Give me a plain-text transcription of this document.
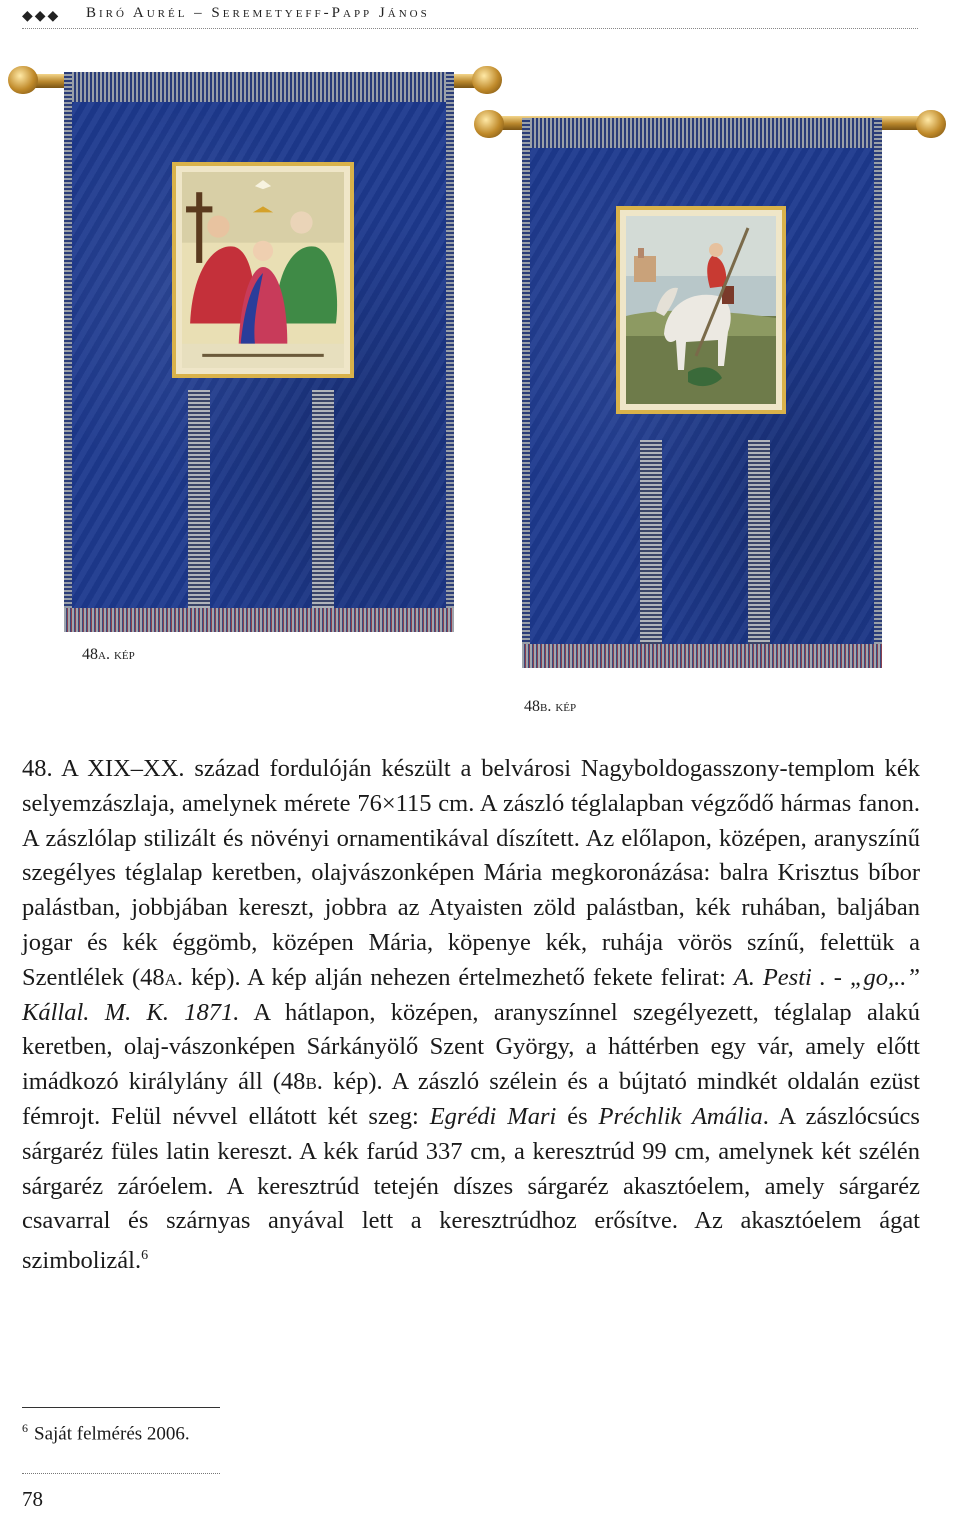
◆◆◆ Biró Aurél – Seremetyeff-Papp János
48a. kép
48b. kép

48. A XIX–XX. század fordulóján készült a belvárosi Nagyboldogasszony-templom kék selyemzászlaja, amelynek mérete 76×115 cm. A zászló téglalapban végződő hármas fanon. A zászlólap stilizált és növényi ornamentikával díszített. Az előlapon, középen, aranyszínű szegélyes téglalap keretben, olajvászonképen Mária megkoronázása: balra Krisztus bíbor palástban, jobbjában kereszt, jobbra az Atyaisten zöld palástban, kék ruhában, baljában jogar és kék éggömb, középen Mária, köpenye kék, ruhája vörös színű, felettük a Szentlélek (48a. kép). A kép alján nehezen értelmezhető fekete felirat: A. Pesti . - „go,..” Kállal. M. K. 1871. A hátlapon, középen, aranyszínnel szegélyezett, téglalap alakú keretben, olaj-vászonképen Sárkányölő Szent György, a háttérben egy vár, amely előtt imádkozó királylány áll (48b. kép). A zászló szélein és a bújtató mindkét oldalán ezüst fémrojt. Felül névvel ellátott két szeg: Egrédi Mari és Préchlik Amália. A zászlócsúcs sárgaréz füles latin kereszt. A kék farúd 337 cm, a keresztrúd 99 cm, amelynek két szélén sárgaréz záróelem. A keresztrúd tetején díszes sárgaréz akasztóelem, amely sárgaréz csavarral és szárnyas anyával lett a keresztrúdhoz erősítve. Az akasztóelem ágat szimbolizál.$^6$

$^6$ Saját felmérés 2006.
78
